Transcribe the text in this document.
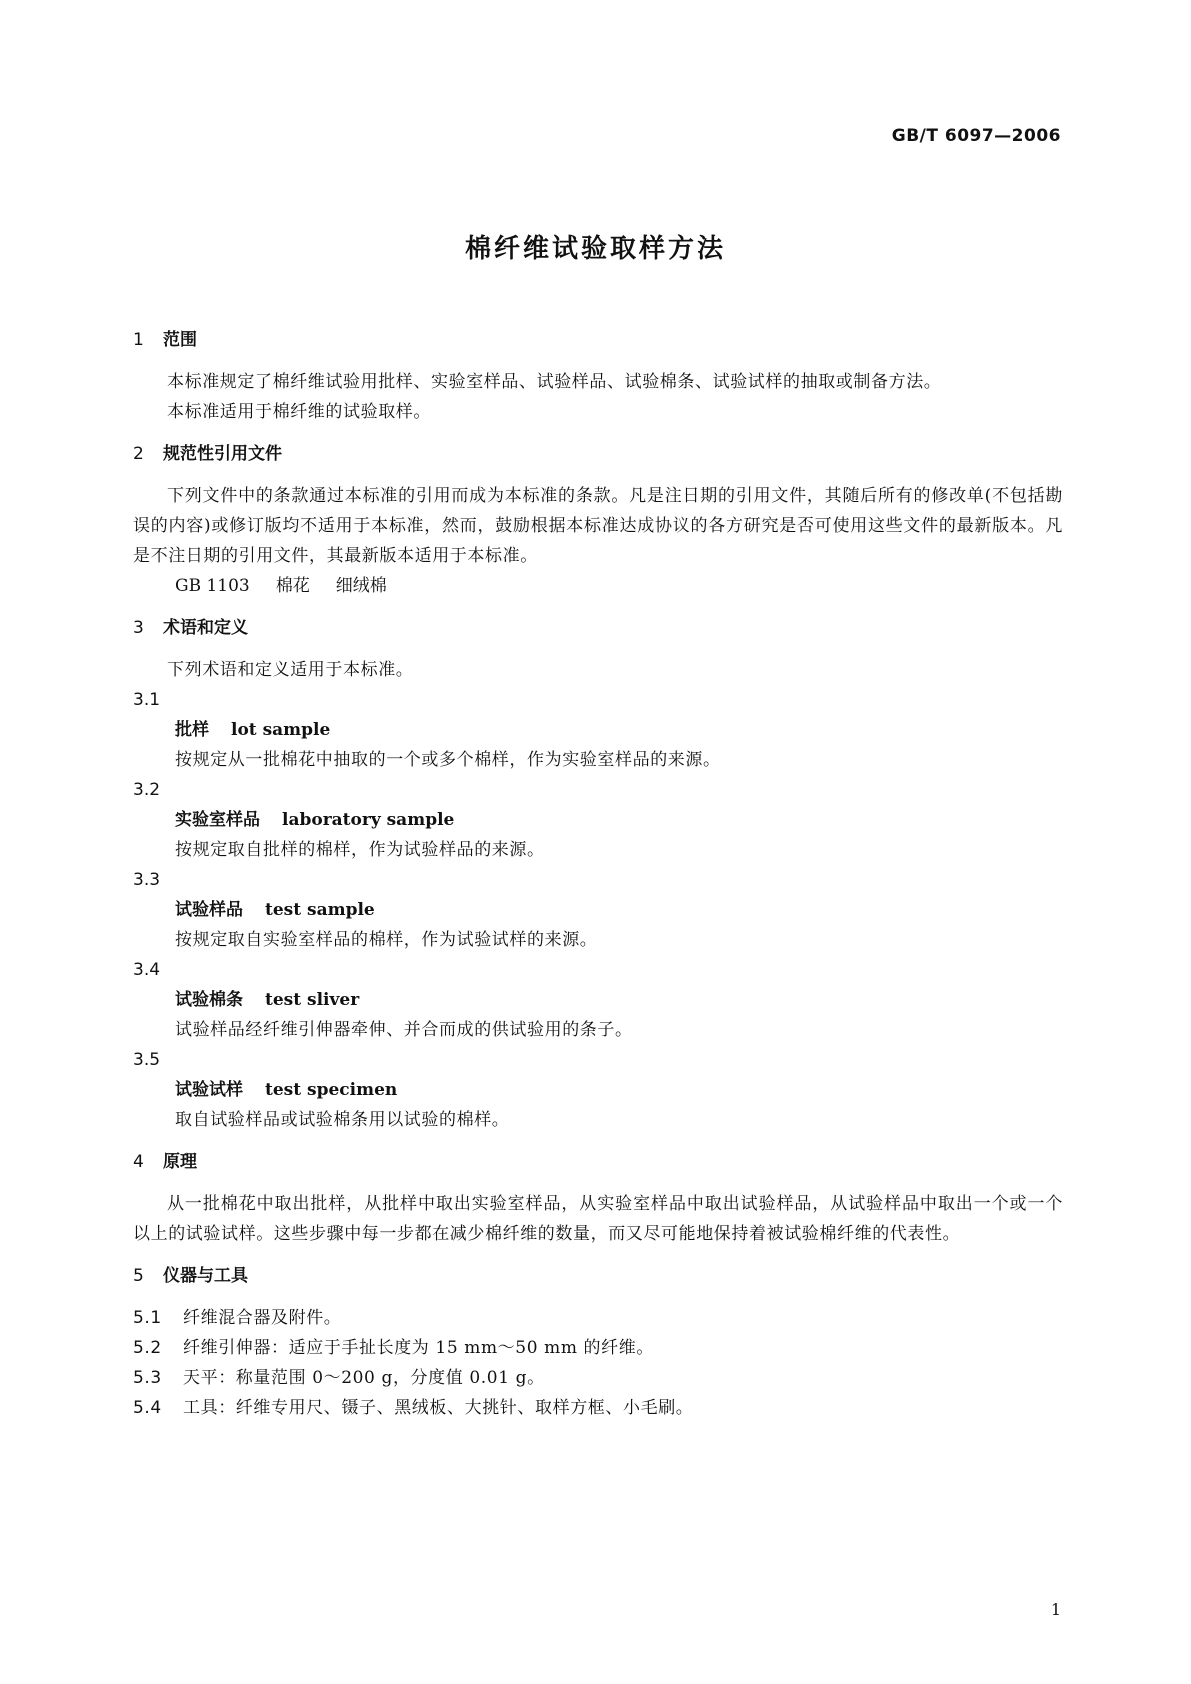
GB/T 6097—2006
棉纤维试验取样方法
1 范围

本标准规定了棉纤维试验用批样、实验室样品、试验样品、试验棉条、试验试样的抽取或制备方法。

本标准适用于棉纤维的试验取样。

2 规范性引用文件

下列文件中的条款通过本标准的引用而成为本标准的条款。凡是注日期的引用文件，其随后所有的修改单(不包括勘误的内容)或修订版均不适用于本标准，然而，鼓励根据本标准达成协议的各方研究是否可使用这些文件的最新版本。凡是不注日期的引用文件，其最新版本适用于本标准。

GB 1103 棉花 细绒棉

3 术语和定义

下列术语和定义适用于本标准。

3.1

批样 lot sample

按规定从一批棉花中抽取的一个或多个棉样，作为实验室样品的来源。

3.2

实验室样品 laboratory sample

按规定取自批样的棉样，作为试验样品的来源。

3.3

试验样品 test sample

按规定取自实验室样品的棉样，作为试验试样的来源。

3.4

试验棉条 test sliver

试验样品经纤维引伸器牵伸、并合而成的供试验用的条子。

3.5

试验试样 test specimen

取自试验样品或试验棉条用以试验的棉样。

4 原理

从一批棉花中取出批样，从批样中取出实验室样品，从实验室样品中取出试验样品，从试验样品中取出一个或一个以上的试验试样。这些步骤中每一步都在减少棉纤维的数量，而又尽可能地保持着被试验棉纤维的代表性。

5 仪器与工具

5.1 纤维混合器及附件。

5.2 纤维引伸器：适应于手扯长度为 15 mm～50 mm 的纤维。

5.3 天平：称量范围 0～200 g，分度值 0.01 g。

5.4 工具：纤维专用尺、镊子、黑绒板、大挑针、取样方框、小毛刷。

1
